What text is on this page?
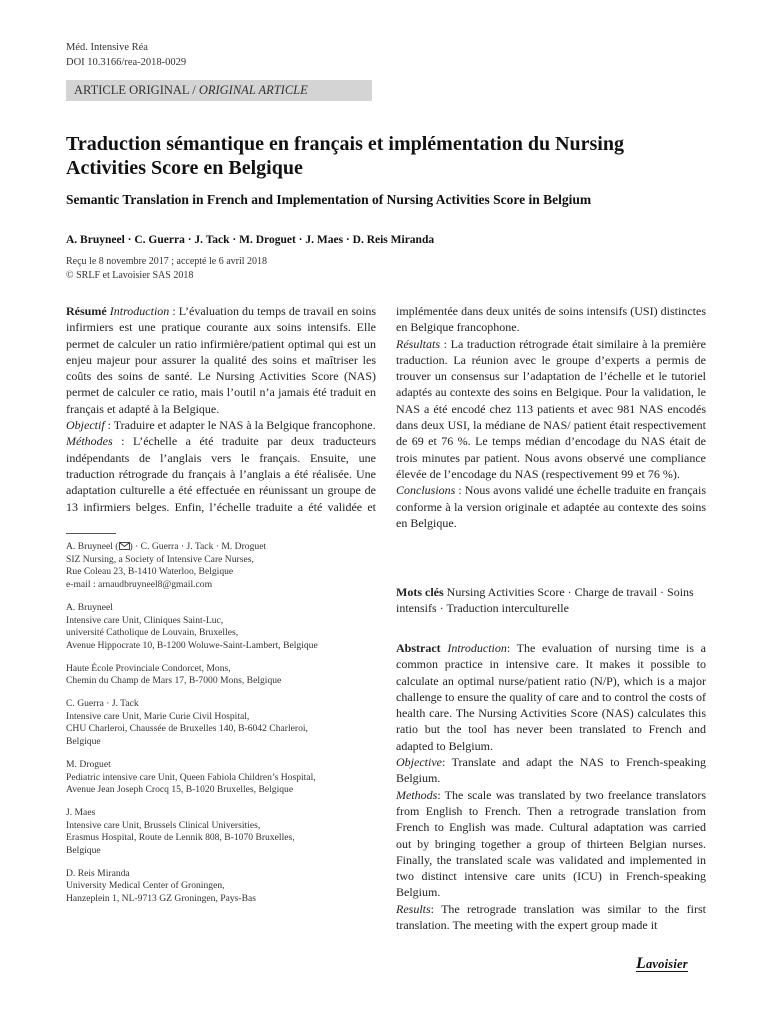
Méd. Intensive Réa
DOI 10.3166/rea-2018-0029
ARTICLE ORIGINAL / ORIGINAL ARTICLE
Traduction sémantique en français et implémentation du Nursing Activities Score en Belgique
Semantic Translation in French and Implementation of Nursing Activities Score in Belgium
A. Bruyneel · C. Guerra · J. Tack · M. Droguet · J. Maes · D. Reis Miranda
Reçu le 8 novembre 2017 ; accepté le 6 avril 2018
© SRLF et Lavoisier SAS 2018

Résumé Introduction : L’évaluation du temps de travail en soins infirmiers est une pratique courante aux soins intensifs. Elle permet de calculer un ratio infirmière/patient optimal qui est un enjeu majeur pour assurer la qualité des soins et maîtriser les coûts des soins de santé. Le Nursing Activities Score (NAS) permet de calculer ce ratio, mais l’outil n’a jamais été traduit en français et adapté à la Belgique.

Objectif : Traduire et adapter le NAS à la Belgique francophone.

Méthodes : L’échelle a été traduite par deux traducteurs indépendants de l’anglais vers le français. Ensuite, une traduction rétrograde du français à l’anglais a été réalisée. Une adaptation culturelle a été effectuée en réunissant un groupe de 13 infirmiers belges. Enfin, l’échelle traduite a été validée et

implémentée dans deux unités de soins intensifs (USI) distinctes en Belgique francophone.

Résultats : La traduction rétrograde était similaire à la première traduction. La réunion avec le groupe d’experts a permis de trouver un consensus sur l’adaptation de l’échelle et le tutoriel adaptés au contexte des soins en Belgique. Pour la validation, le NAS a été encodé chez 113 patients et avec 981 NAS encodés dans deux USI, la médiane de NAS/ patient était respectivement de 69 et 76 %. Le temps médian d’encodage du NAS était de trois minutes par patient. Nous avons observé une compliance élevée de l’encodage du NAS (respectivement 99 et 76 %).

Conclusions : Nous avons validé une échelle traduite en français conforme à la version originale et adaptée au contexte des soins en Belgique.

A. Bruyneel ( ) · C. Guerra · J. Tack · M. Droguet
SIZ Nursing, a Society of Intensive Care Nurses,
Rue Coleau 23, B-1410 Waterloo, Belgique
e-mail : arnaudbruyneel8@gmail.com
A. Bruyneel
Intensive care Unit, Cliniques Saint-Luc,
université Catholique de Louvain, Bruxelles,
Avenue Hippocrate 10, B-1200 Woluwe-Saint-Lambert, Belgique
Haute École Provinciale Condorcet, Mons,
Chemin du Champ de Mars 17, B-7000 Mons, Belgique
C. Guerra · J. Tack
Intensive care Unit, Marie Curie Civil Hospital,
CHU Charleroi, Chaussée de Bruxelles 140, B-6042 Charleroi,
Belgique
M. Droguet
Pediatric intensive care Unit, Queen Fabiola Children’s Hospital,
Avenue Jean Joseph Crocq 15, B-1020 Bruxelles, Belgique
J. Maes
Intensive care Unit, Brussels Clinical Universities,
Erasmus Hospital, Route de Lennik 808, B-1070 Bruxelles,
Belgique
D. Reis Miranda
University Medical Center of Groningen,
Hanzeplein 1, NL-9713 GZ Groningen, Pays-Bas
Mots clés Nursing Activities Score · Charge de travail · Soins intensifs · Traduction interculturelle

Abstract Introduction: The evaluation of nursing time is a common practice in intensive care. It makes it possible to calculate an optimal nurse/patient ratio (N/P), which is a major challenge to ensure the quality of care and to control the costs of health care. The Nursing Activities Score (NAS) calculates this ratio but the tool has never been translated to French and adapted to Belgium.

Objective: Translate and adapt the NAS to French-speaking Belgium.

Methods: The scale was translated by two freelance translators from English to French. Then a retrograde translation from French to English was made. Cultural adaptation was carried out by bringing together a group of thirteen Belgian nurses. Finally, the translated scale was validated and implemented in two distinct intensive care units (ICU) in French-speaking Belgium.

Results: The retrograde translation was similar to the first translation. The meeting with the expert group made it

Lavoisier
